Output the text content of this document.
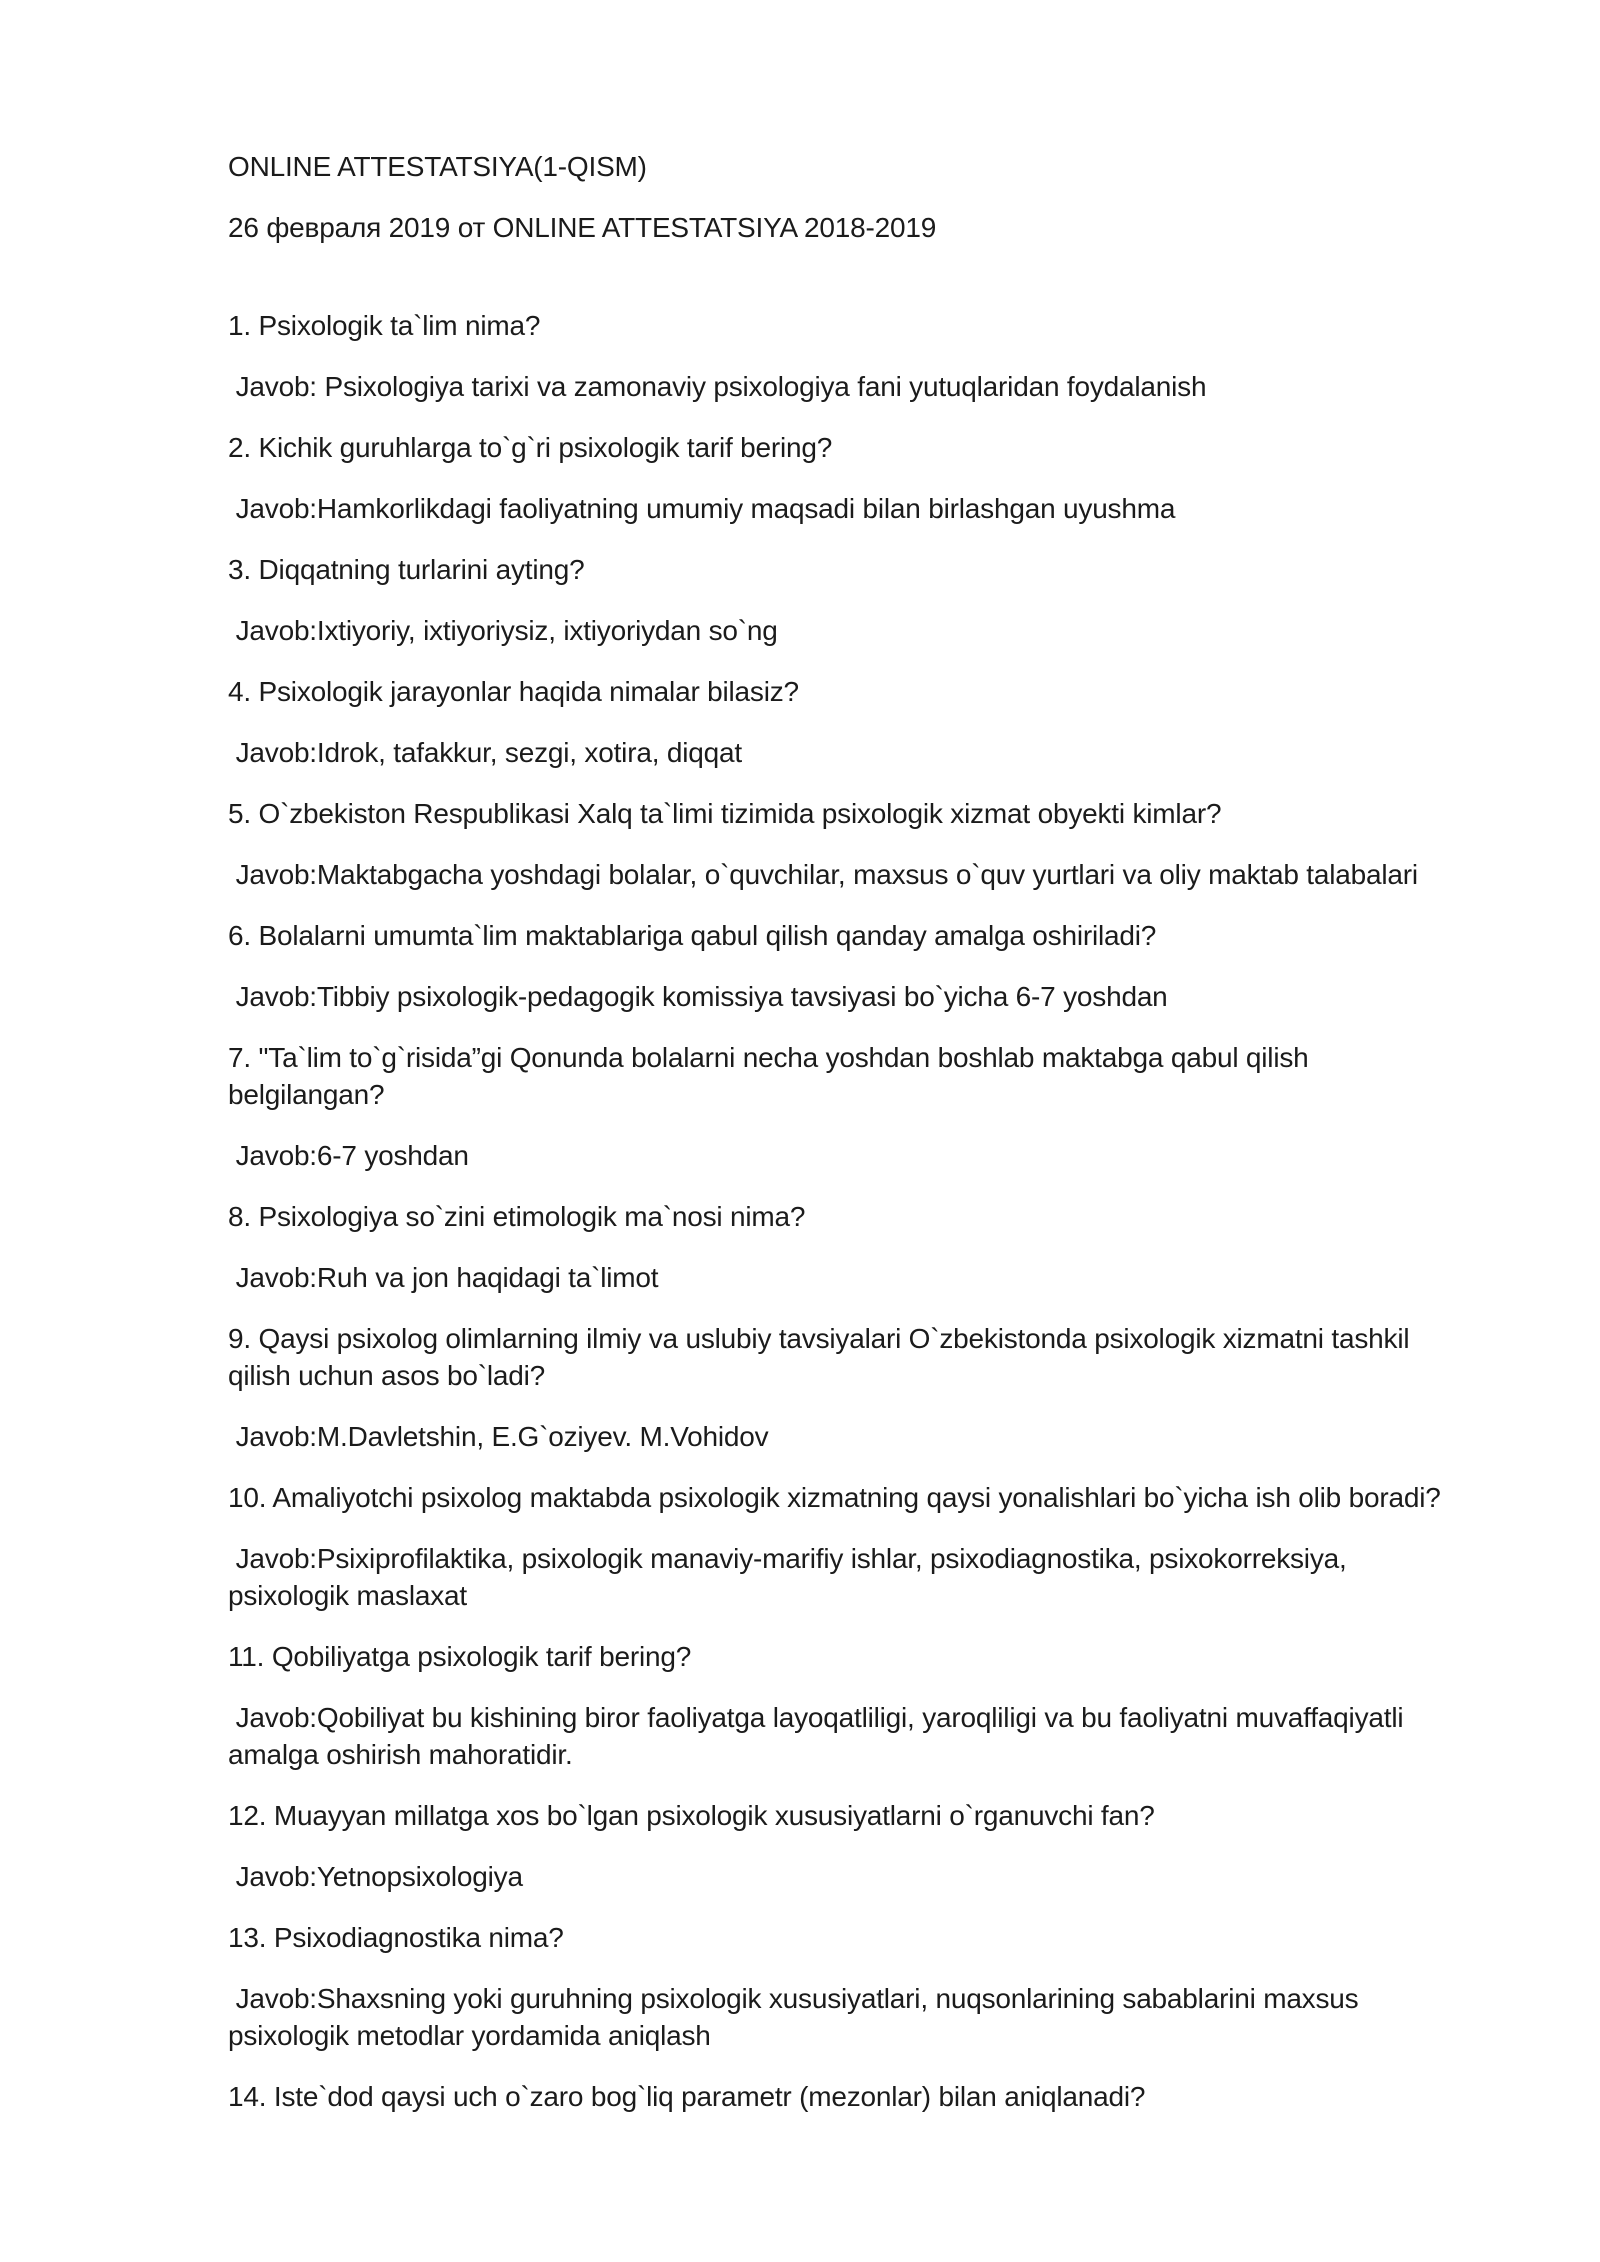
ONLINE ATTESTATSIYA(1-QISM)

26 февраля 2019 от ONLINE ATTESTATSIYA 2018-2019

1. Psixologik ta`lim nima?

Javob: Psixologiya tarixi va zamonaviy psixologiya fani yutuqlaridan foydalanish

2. Kichik guruhlarga to`g`ri psixologik tarif bering?

Javob:Hamkorlikdagi faoliyatning umumiy maqsadi bilan birlashgan uyushma

3. Diqqatning turlarini ayting?

Javob:Ixtiyoriy, ixtiyoriysiz, ixtiyoriydan so`ng

4. Psixologik jarayonlar haqida nimalar bilasiz?

Javob:Idrok, tafakkur, sezgi, xotira, diqqat

5. O`zbekiston Respublikasi Xalq ta`limi tizimida psixologik xizmat obyekti kimlar?

Javob:Maktabgacha yoshdagi bolalar, o`quvchilar, maxsus o`quv yurtlari va oliy maktab talabalari

6. Bolalarni umumta`lim maktablariga qabul qilish qanday amalga oshiriladi?

Javob:Tibbiy psixologik-pedagogik komissiya tavsiyasi bo`yicha 6-7 yoshdan

7. "Ta`lim to`g`risida”gi Qonunda bolalarni necha yoshdan boshlab maktabga qabul qilish belgilangan?

Javob:6-7 yoshdan

8. Psixologiya so`zini etimologik ma`nosi nima?

Javob:Ruh va jon haqidagi ta`limot

9. Qaysi psixolog olimlarning ilmiy va uslubiy tavsiyalari O`zbekistonda psixologik xizmatni tashkil qilish uchun asos bo`ladi?

Javob:M.Davletshin, E.G`oziyev. M.Vohidov

10. Amaliyotchi psixolog maktabda psixologik xizmatning qaysi yonalishlari bo`yicha ish olib boradi?

Javob:Psixiprofilaktika, psixologik manaviy-marifiy ishlar, psixodiagnostika, psixokorreksiya, psixologik maslaxat

11. Qobiliyatga psixologik tarif bering?

Javob:Qobiliyat bu kishining biror faoliyatga layoqatliligi, yaroqliligi va bu faoliyatni muvaffaqiyatli amalga oshirish mahoratidir.

12. Muayyan millatga xos bo`lgan psixologik xususiyatlarni o`rganuvchi fan?

Javob:Yetnopsixologiya

13. Psixodiagnostika nima?

Javob:Shaxsning yoki guruhning psixologik xususiyatlari, nuqsonlarining sabablarini maxsus psixologik metodlar yordamida aniqlash

14. Iste`dod qaysi uch o`zaro bog`liq parametr (mezonlar) bilan aniqlanadi?
